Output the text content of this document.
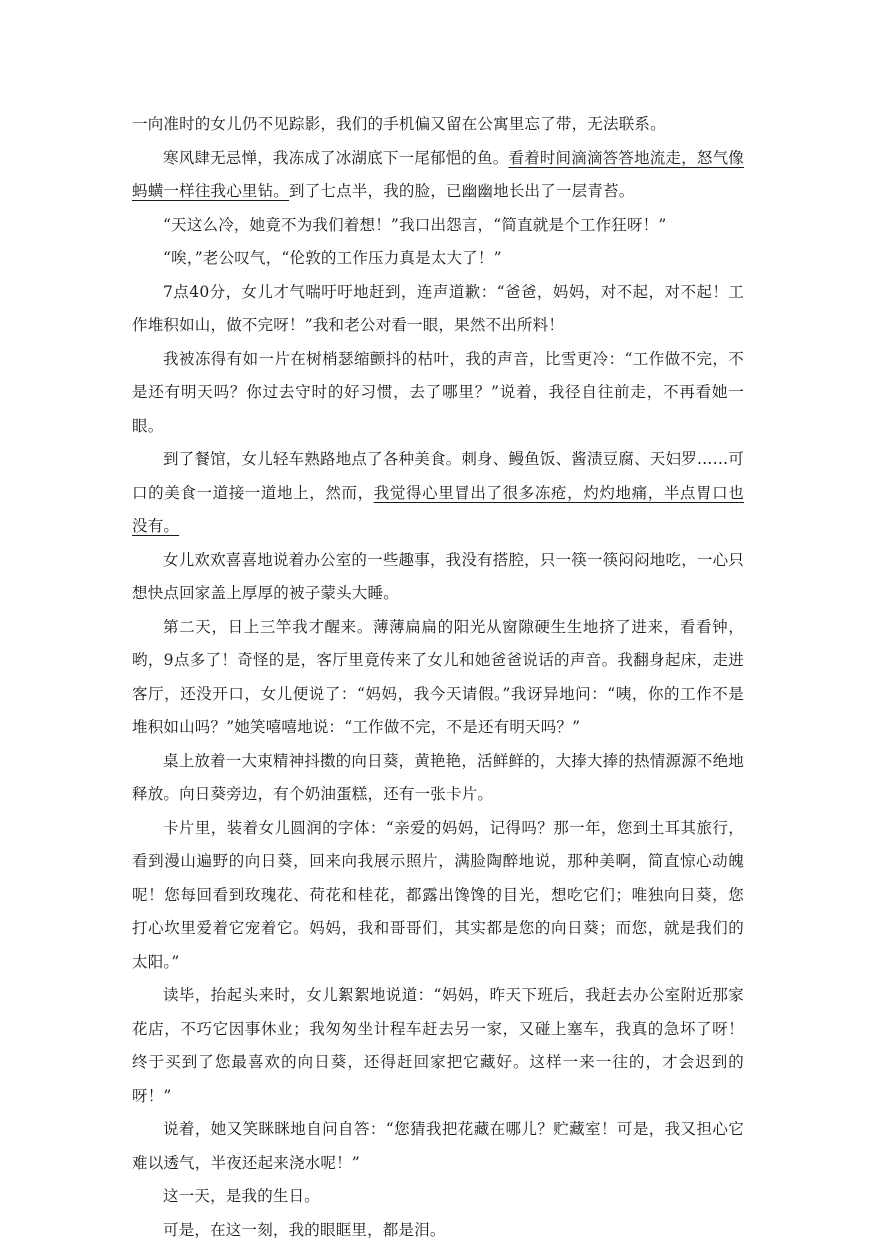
一向准时的女儿仍不见踪影，我们的手机偏又留在公寓里忘了带，无法联系。

寒风肆无忌惮，我冻成了冰湖底下一尾郁悒的鱼。看着时间滴滴答答地流走，怒气像蚂蟥一样往我心里钻。到了七点半，我的脸，已幽幽地长出了一层青苔。

“天这么冷，她竟不为我们着想！”我口出怨言，“简直就是个工作狂呀！”

“唉，”老公叹气，“伦敦的工作压力真是太大了！”

7点40分，女儿才气喘吁吁地赶到，连声道歉：“爸爸，妈妈，对不起，对不起！工作堆积如山，做不完呀！”我和老公对看一眼，果然不出所料！

我被冻得有如一片在树梢瑟缩颤抖的枯叶，我的声音，比雪更冷：“工作做不完，不是还有明天吗？你过去守时的好习惯，去了哪里？”说着，我径自往前走，不再看她一眼。

到了餐馆，女儿轻车熟路地点了各种美食。刺身、鳗鱼饭、酱渍豆腐、天妇罗……可口的美食一道接一道地上，然而，我觉得心里冒出了很多冻疮，灼灼地痛，半点胃口也没有。

女儿欢欢喜喜地说着办公室的一些趣事，我没有搭腔，只一筷一筷闷闷地吃，一心只想快点回家盖上厚厚的被子蒙头大睡。

第二天，日上三竿我才醒来。薄薄扁扁的阳光从窗隙硬生生地挤了进来，看看钟，哟，9点多了！奇怪的是，客厅里竟传来了女儿和她爸爸说话的声音。我翻身起床，走进客厅，还没开口，女儿便说了：“妈妈，我今天请假。”我讶异地问：“咦，你的工作不是堆积如山吗？”她笑嘻嘻地说：“工作做不完，不是还有明天吗？”

桌上放着一大束精神抖擞的向日葵，黄艳艳，活鲜鲜的，大捧大捧的热情源源不绝地释放。向日葵旁边，有个奶油蛋糕，还有一张卡片。

卡片里，装着女儿圆润的字体：“亲爱的妈妈，记得吗？那一年，您到土耳其旅行，看到漫山遍野的向日葵，回来向我展示照片，满脸陶醉地说，那种美啊，简直惊心动魄呢！您每回看到玫瑰花、荷花和桂花，都露出馋馋的目光，想吃它们；唯独向日葵，您打心坎里爱着它宠着它。妈妈，我和哥哥们，其实都是您的向日葵；而您，就是我们的太阳。”

读毕，抬起头来时，女儿絮絮地说道：“妈妈，昨天下班后，我赶去办公室附近那家花店，不巧它因事休业；我匆匆坐计程车赶去另一家，又碰上塞车，我真的急坏了呀！终于买到了您最喜欢的向日葵，还得赶回家把它藏好。这样一来一往的，才会迟到的呀！”

说着，她又笑眯眯地自问自答：“您猜我把花藏在哪儿？贮藏室！可是，我又担心它难以透气，半夜还起来浇水呢！”

这一天，是我的生日。

可是，在这一刻，我的眼眶里，都是泪。
